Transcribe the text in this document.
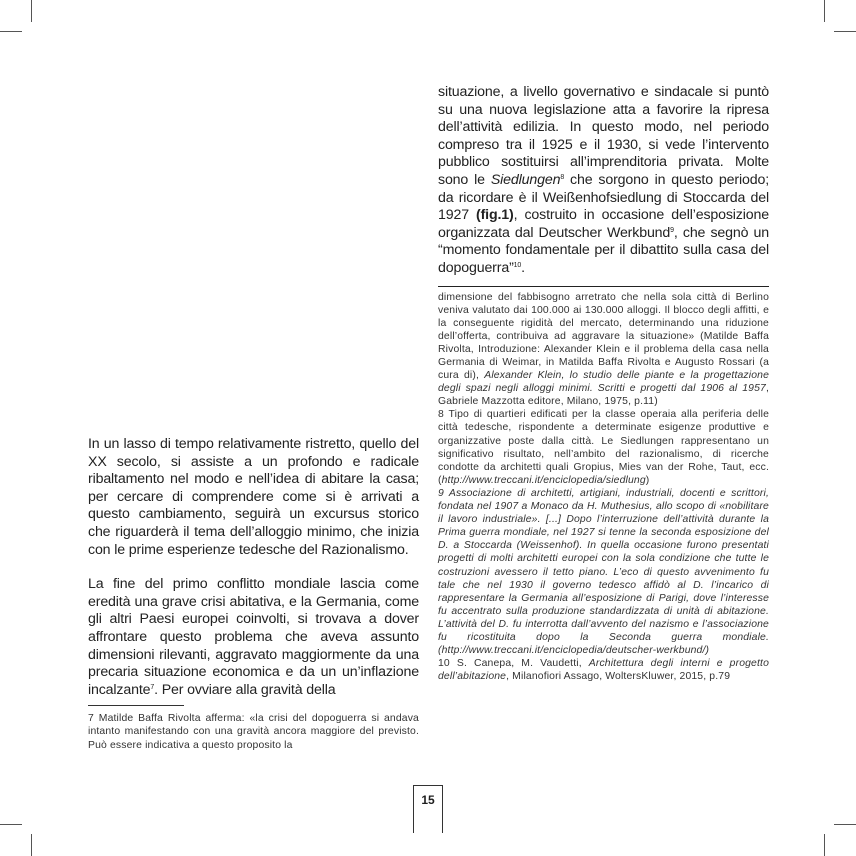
In un lasso di tempo relativamente ristretto, quello del XX secolo, si assiste a un profondo e radicale ribaltamento nel modo e nell’idea di abitare la casa; per cercare di comprendere come si è arrivati a questo cambiamento, seguirà un excursus storico che riguarderà il tema dell’alloggio minimo, che inizia con le prime esperienze tedesche del Razionalismo.

La fine del primo conflitto mondiale lascia come eredità una grave crisi abitativa, e la Germania, come gli altri Paesi europei coinvolti, si trovava a dover affrontare questo problema che aveva assunto dimensioni rilevanti, aggravato maggiormente da una precaria situazione economica e da un un’inflazione incalzante$^7$. Per ovviare alla gravità della

7 Matilde Baffa Rivolta afferma: «la crisi del dopoguerra si andava intanto manifestando con una gravità ancora maggiore del previsto. Può essere indicativa a questo proposito la

situazione, a livello governativo e sindacale si puntò su una nuova legislazione atta a favorire la ripresa dell’attività edilizia. In questo modo, nel periodo compreso tra il 1925 e il 1930, si vede l’intervento pubblico sostituirsi all’imprenditoria privata. Molte sono le Siedlungen$^8$ che sorgono in questo periodo; da ricordare è il Weißenhofsiedlung di Stoccarda del 1927 (fig.1), costruito in occasione dell’esposizione organizzata dal Deutscher Werkbund$^9$, che segnò un “momento fondamentale per il dibattito sulla casa del dopoguerra”$^{10}$.

dimensione del fabbisogno arretrato che nella sola città di Berlino veniva valutato dai 100.000 ai 130.000 alloggi. Il blocco degli affitti, e la conseguente rigidità del mercato, determinando una riduzione dell’offerta, contribuiva ad aggravare la situazione» (Matilde Baffa Rivolta, Introduzione: Alexander Klein e il problema della casa nella Germania di Weimar, in Matilda Baffa Rivolta e Augusto Rossari (a cura di), Alexander Klein, lo studio delle piante e la progettazione degli spazi negli alloggi minimi. Scritti e progetti dal 1906 al 1957, Gabriele Mazzotta editore, Milano, 1975, p.11)

8 Tipo di quartieri edificati per la classe operaia alla periferia delle città tedesche, rispondente a determinate esigenze produttive e organizzative poste dalla città. Le Siedlungen rappresentano un significativo risultato, nell’ambito del razionalismo, di ricerche condotte da architetti quali Gropius, Mies van der Rohe, Taut, ecc. (http://www.treccani.it/enciclopedia/siedlung)

9 Associazione di architetti, artigiani, industriali, docenti e scrittori, fondata nel 1907 a Monaco da H. Muthesius, allo scopo di «nobilitare il lavoro industriale». [...] Dopo l’interruzione dell’attività durante la Prima guerra mondiale, nel 1927 si tenne la seconda esposizione del D. a Stoccarda (Weissenhof). In quella occasione furono presentati progetti di molti architetti europei con la sola condizione che tutte le costruzioni avessero il tetto piano. L’eco di questo avvenimento fu tale che nel 1930 il governo tedesco affidò al D. l’incarico di rappresentare la Germania all’esposizione di Parigi, dove l’interesse fu accentrato sulla produzione standardizzata di unità di abitazione. L’attività del D. fu interrotta dall’avvento del nazismo e l’associazione fu ricostituita dopo la Seconda guerra mondiale. (http://www.treccani.it/enciclopedia/deutscher-werkbund/)

10 S. Canepa, M. Vaudetti, Architettura degli interni e progetto dell’abitazione, Milanofiori Assago, WoltersKluwer, 2015, p.79

15
